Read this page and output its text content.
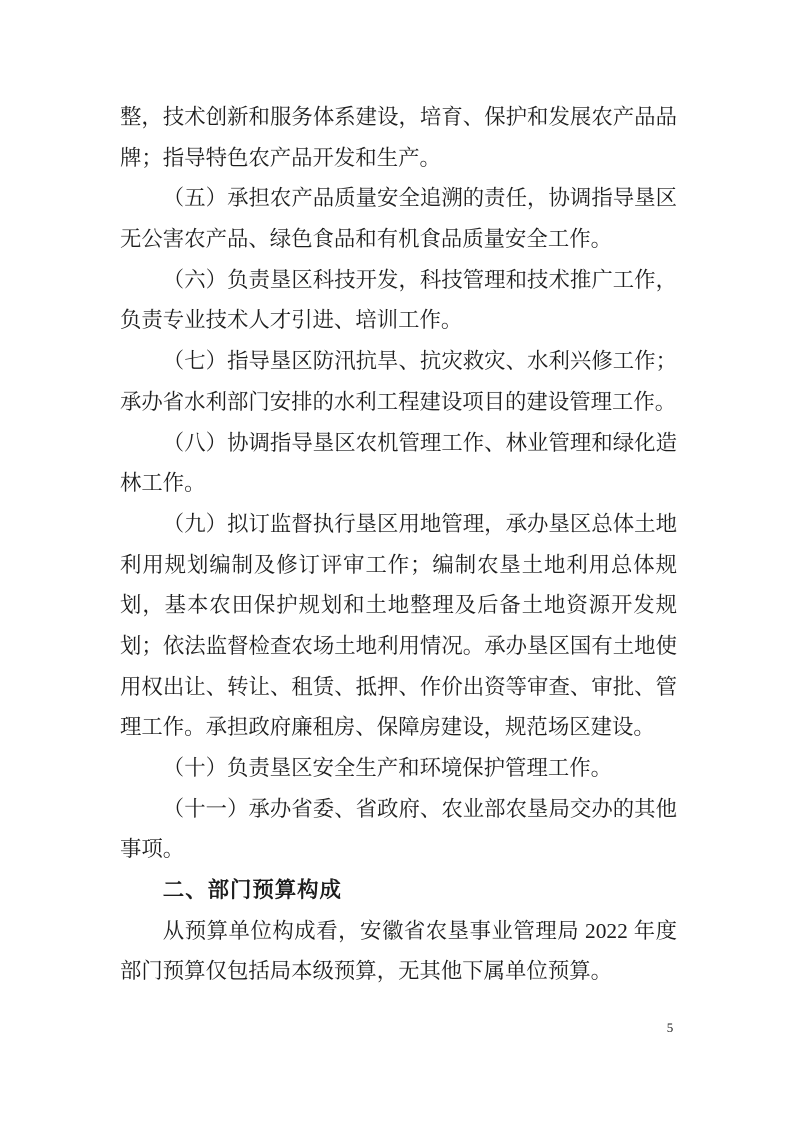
整，技术创新和服务体系建设，培育、保护和发展农产品品
牌；指导特色农产品开发和生产。
（五）承担农产品质量安全追溯的责任，协调指导垦区
无公害农产品、绿色食品和有机食品质量安全工作。
（六）负责垦区科技开发，科技管理和技术推广工作，
负责专业技术人才引进、培训工作。
（七）指导垦区防汛抗旱、抗灾救灾、水利兴修工作；
承办省水利部门安排的水利工程建设项目的建设管理工作。
（八）协调指导垦区农机管理工作、林业管理和绿化造
林工作。
（九）拟订监督执行垦区用地管理，承办垦区总体土地
利用规划编制及修订评审工作；编制农垦土地利用总体规
划，基本农田保护规划和土地整理及后备土地资源开发规
划；依法监督检查农场土地利用情况。承办垦区国有土地使
用权出让、转让、租赁、抵押、作价出资等审查、审批、管
理工作。承担政府廉租房、保障房建设，规范场区建设。
（十）负责垦区安全生产和环境保护管理工作。
（十一）承办省委、省政府、农业部农垦局交办的其他
事项。
二、部门预算构成
从预算单位构成看，安徽省农垦事业管理局 2022 年度
部门预算仅包括局本级预算，无其他下属单位预算。
5
